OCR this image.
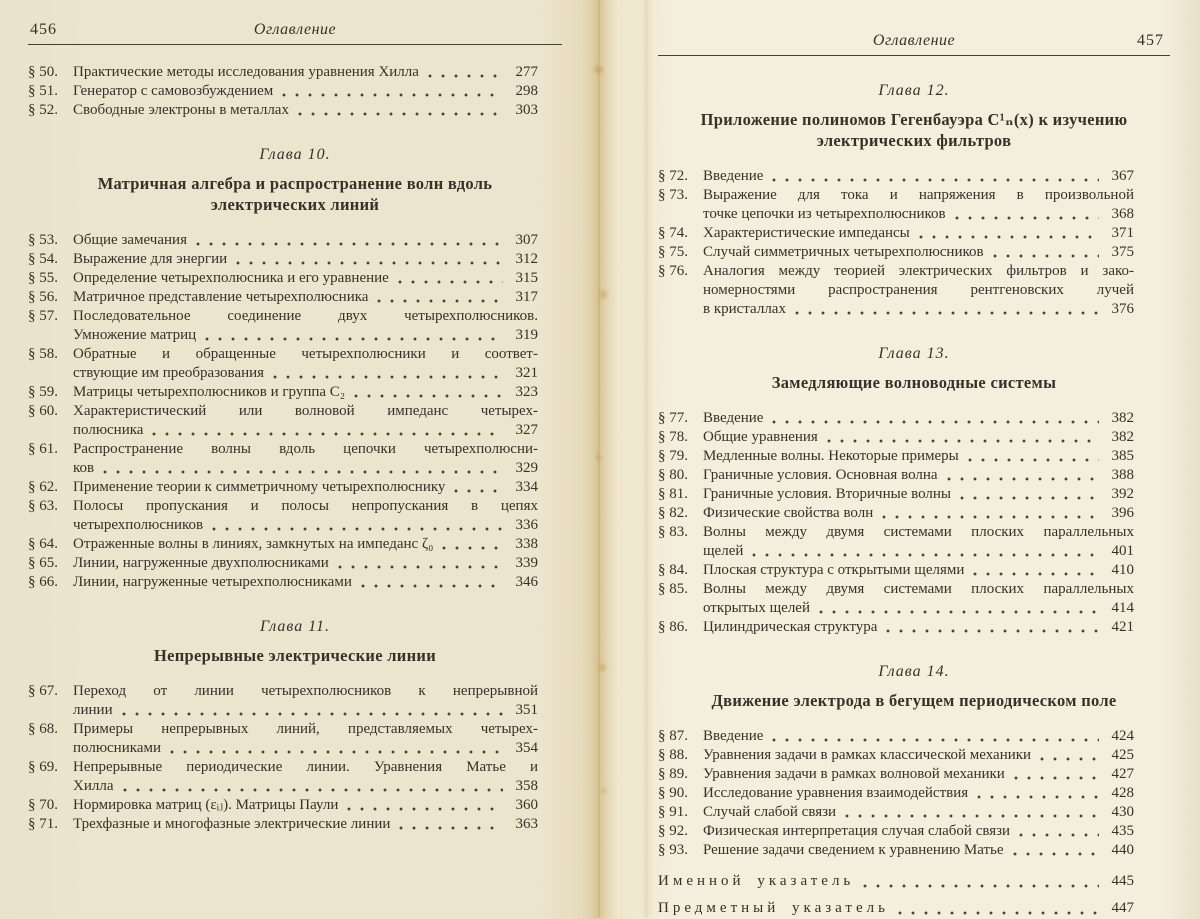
456	Оглавление
§ 50.	Практические методы исследования уравнения Хилла	277
§ 51.	Генератор с самовозбуждением	298
§ 52.	Свободные электроны в металлах	303
Глава 10.
Матричная алгебра и распространение волн вдоль
электрических линий
§ 53.	Общие замечания	307
§ 54.	Выражение для энергии	312
§ 55.	Определение четырехполюсника и его уравнение	315
§ 56.	Матричное представление четырехполюсника	317
§ 57.	Последовательное соединение двух четырехполюсников.
Умножение матриц	319
§ 58.	Обратные и обращенные четырехполюсники и соответ-
ствующие им преобразования	321
§ 59.	Матрицы четырехполюсников и группа C₂	323
§ 60.	Характеристический или волновой импеданс четырех-
полюсника	327
§ 61.	Распространение волны вдоль цепочки четырехполюсни-
ков	329
§ 62.	Применение теории к симметричному четырехполюснику	334
§ 63.	Полосы пропускания и полосы непропускания в цепях
четырехполюсников	336
§ 64.	Отраженные волны в линиях, замкнутых на импеданс ζ₀	338
§ 65.	Линии, нагруженные двухполюсниками	339
§ 66.	Линии, нагруженные четырехполюсниками	346
Глава 11.
Непрерывные электрические линии
§ 67.	Переход от линии четырехполюсников к непрерывной
линии	351
§ 68.	Примеры непрерывных линий, представляемых четырех-
полюсниками	354
§ 69.	Непрерывные периодические линии. Уравнения Матье и
Хилла	358
§ 70.	Нормировка матриц (εᵢⱼ). Матрицы Паули	360
§ 71.	Трехфазные и многофазные электрические линии	363
Оглавление	457
Глава 12.
Приложение полиномов Гегенбауэра C¹ₙ(x) к изучению
электрических фильтров
§ 72.	Введение	367
§ 73.	Выражение для тока и напряжения в произвольной
точке цепочки из четырехполюсников	368
§ 74.	Характеристические импедансы	371
§ 75.	Случай симметричных четырехполюсников	375
§ 76.	Аналогия между теорией электрических фильтров и зако-
номерностями распространения рентгеновских лучей
в кристаллах	376
Глава 13.
Замедляющие волноводные системы
§ 77.	Введение	382
§ 78.	Общие уравнения	382
§ 79.	Медленные волны. Некоторые примеры	385
§ 80.	Граничные условия. Основная волна	388
§ 81.	Граничные условия. Вторичные волны	392
§ 82.	Физические свойства волн	396
§ 83.	Волны между двумя системами плоских параллельных
щелей	401
§ 84.	Плоская структура с открытыми щелями	410
§ 85.	Волны между двумя системами плоских параллельных
открытых щелей	414
§ 86.	Цилиндрическая структура	421
Глава 14.
Движение электрода в бегущем периодическом поле
§ 87.	Введение	424
§ 88.	Уравнения задачи в рамках классической механики	425
§ 89.	Уравнения задачи в рамках волновой механики	427
§ 90.	Исследование уравнения взаимодействия	428
§ 91.	Случай слабой связи	430
§ 92.	Физическая интерпретация случая слабой связи	435
§ 93.	Решение задачи сведением к уравнению Матье	440
Именной указатель	445
Предметный указатель	447
